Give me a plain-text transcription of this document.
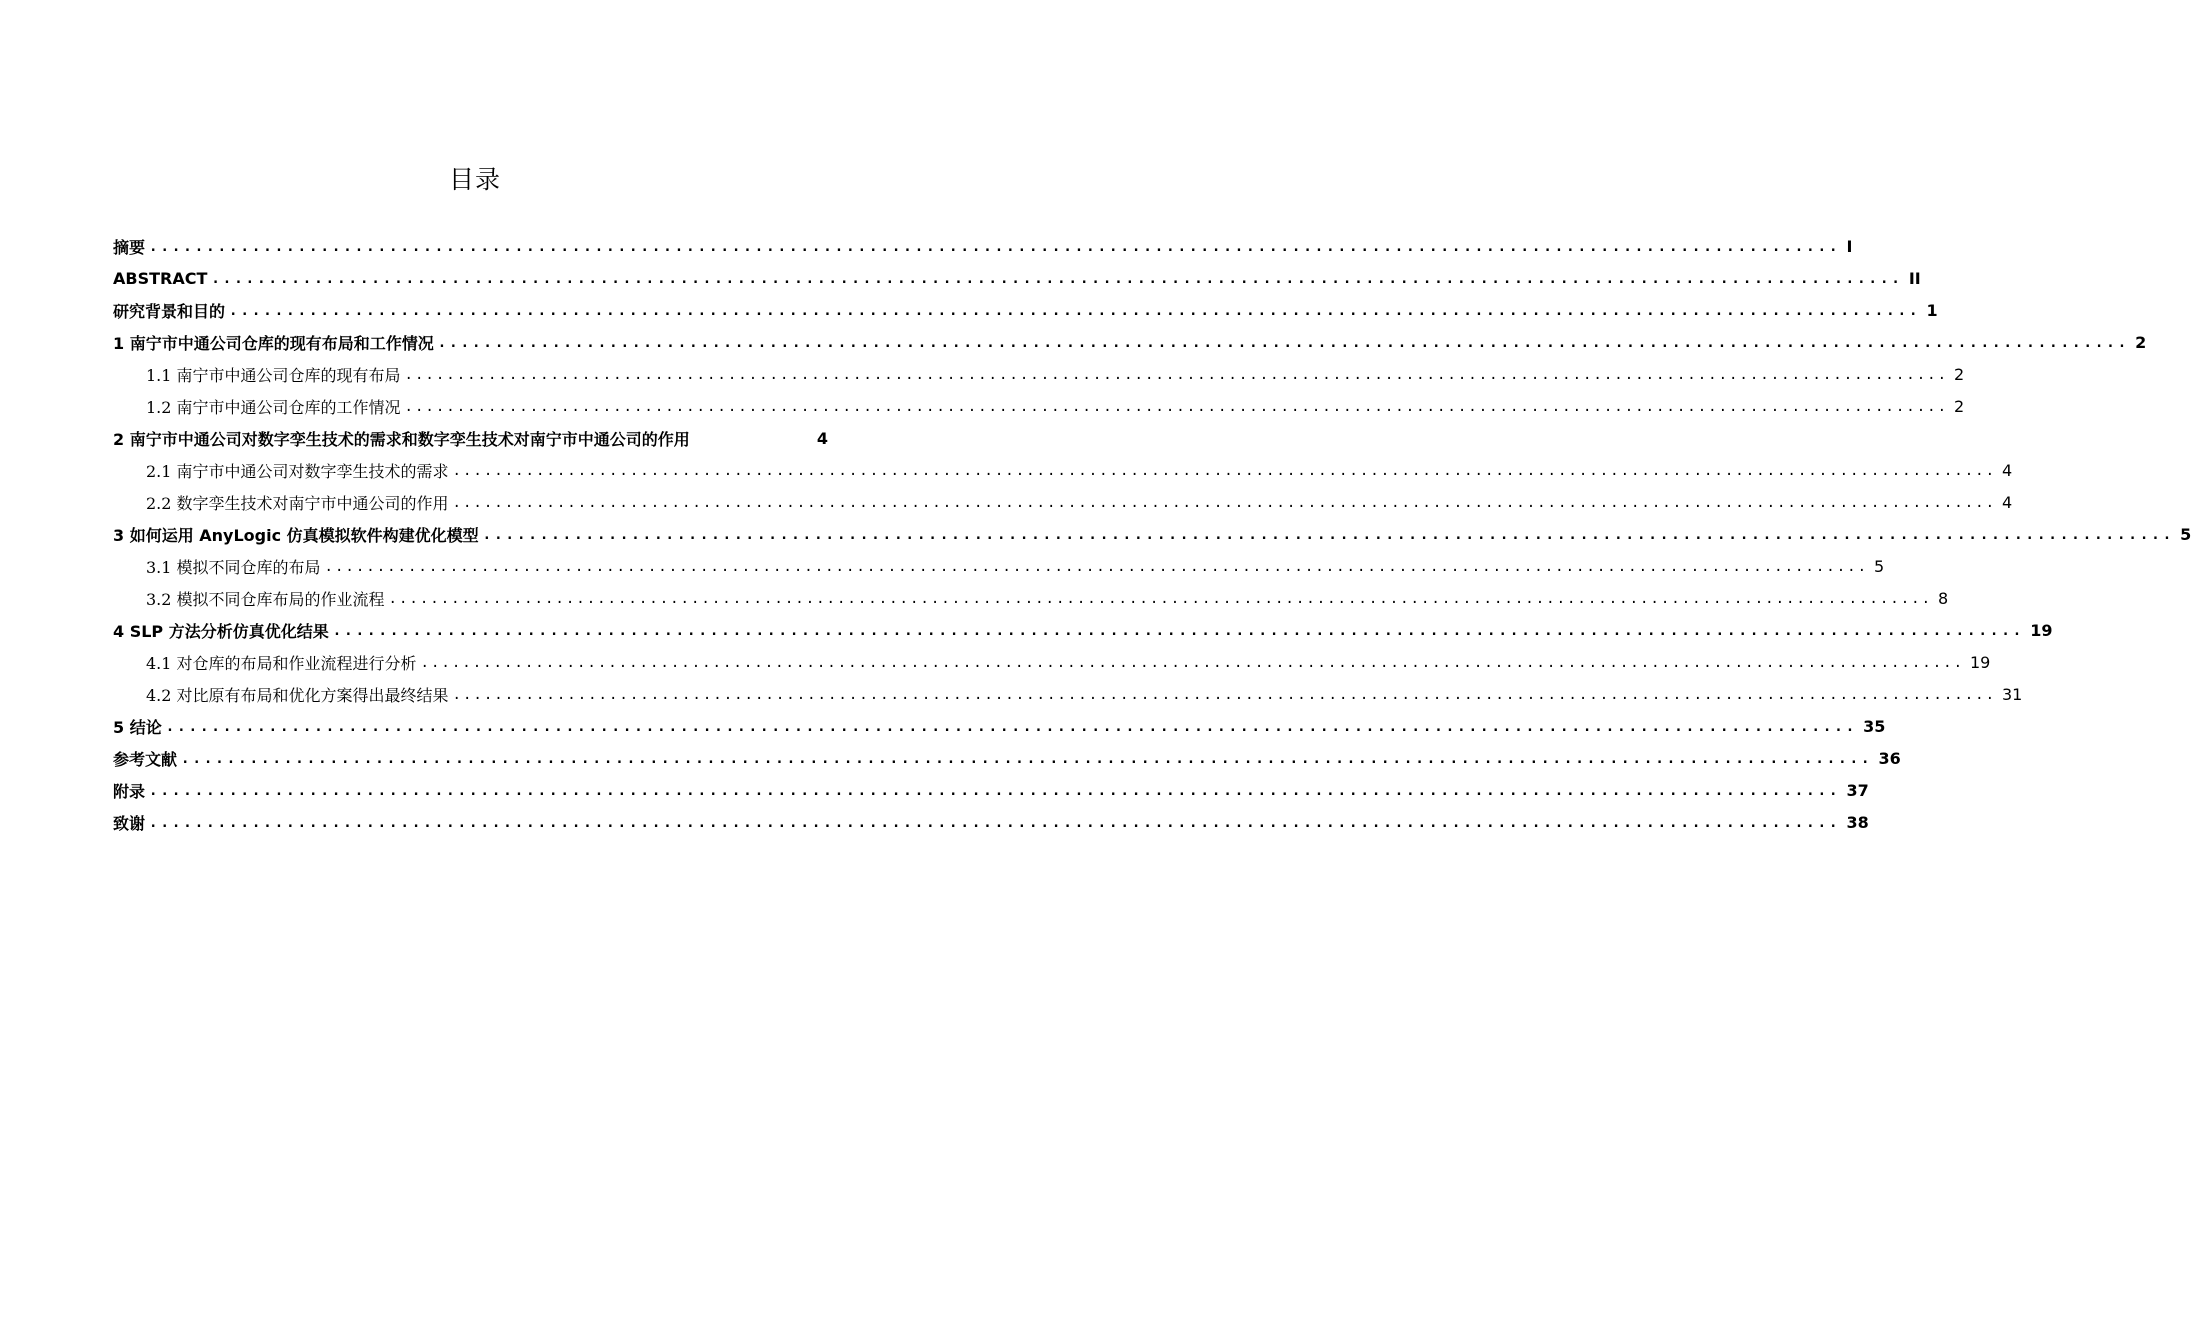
目录
摘要 .................................................................................................................................................... I
ABSTRACT .................................................................................................................................................... II
研究背景和目的 .................................................................................................................................................... 1
1 南宁市中通公司仓库的现有布局和工作情况 .................................................................................................................................................... 2
1.1 南宁市中通公司仓库的现有布局 .................................................................................................................................................... 2
1.2 南宁市中通公司仓库的工作情况 .................................................................................................................................................... 2
2 南宁市中通公司对数字孪生技术的需求和数字孪生技术对南宁市中通公司的作用	4
2.1 南宁市中通公司对数字孪生技术的需求 .................................................................................................................................................... 4
2.2 数字孪生技术对南宁市中通公司的作用 .................................................................................................................................................... 4
3 如何运用 AnyLogic 仿真模拟软件构建优化模型 .................................................................................................................................................... 5
3.1 模拟不同仓库的布局 .................................................................................................................................................... 5
3.2 模拟不同仓库布局的作业流程 .................................................................................................................................................... 8
4 SLP 方法分析仿真优化结果 .................................................................................................................................................... 19
4.1 对仓库的布局和作业流程进行分析 .................................................................................................................................................... 19
4.2 对比原有布局和优化方案得出最终结果 .................................................................................................................................................... 31
5 结论 .................................................................................................................................................... 35
参考文献 .................................................................................................................................................... 36
附录 .................................................................................................................................................... 37
致谢 .................................................................................................................................................... 38
